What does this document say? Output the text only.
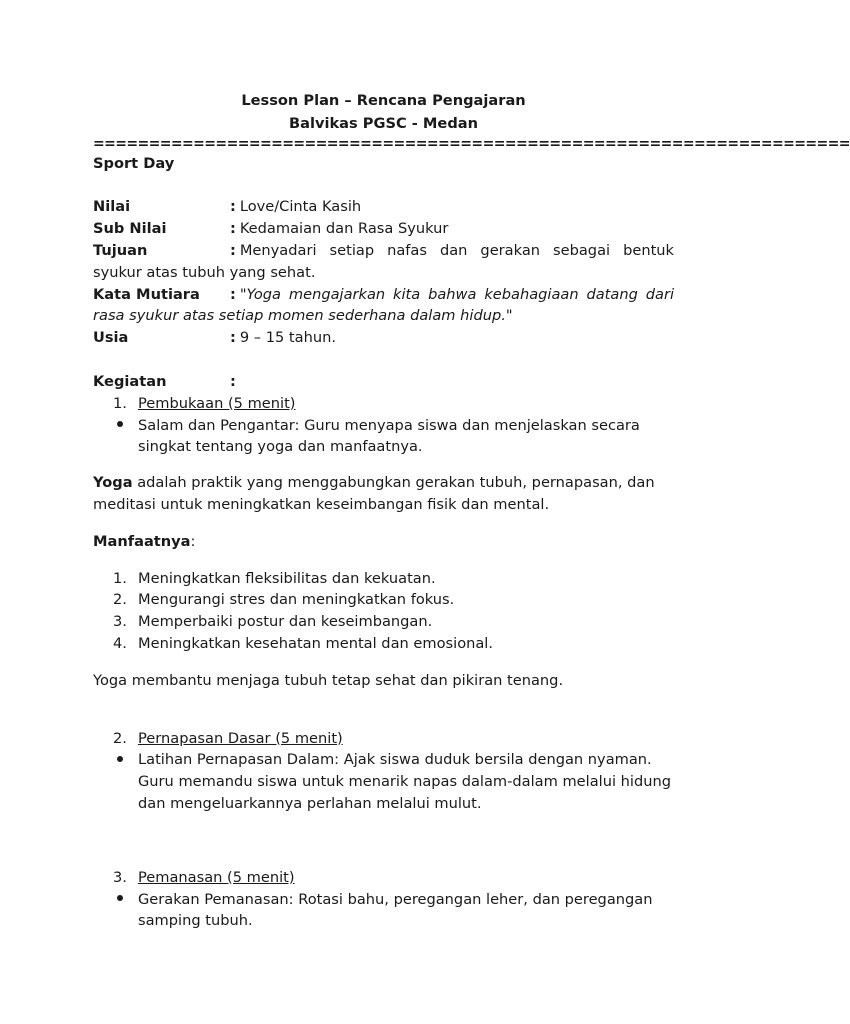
Lesson Plan – Rencana Pengajaran
Balvikas PGSC - Medan
====================================================================
Sport Day
Nilai	: Love/Cinta Kasih
Sub Nilai	: Kedamaian dan Rasa Syukur
Tujuan	: Menyadari setiap nafas dan gerakan sebagai bentuk syukur atas tubuh yang sehat.
Kata Mutiara : "Yoga mengajarkan kita bahwa kebahagiaan datang dari rasa syukur atas setiap momen sederhana dalam hidup."
Usia	: 9 – 15 tahun.
Kegiatan	:
1. Pembukaan (5 menit)
Salam dan Pengantar: Guru menyapa siswa dan menjelaskan secara singkat tentang yoga dan manfaatnya.
Yoga adalah praktik yang menggabungkan gerakan tubuh, pernapasan, dan meditasi untuk meningkatkan keseimbangan fisik dan mental.
Manfaatnya:
1. Meningkatkan fleksibilitas dan kekuatan.
2. Mengurangi stres dan meningkatkan fokus.
3. Memperbaiki postur dan keseimbangan.
4. Meningkatkan kesehatan mental dan emosional.
Yoga membantu menjaga tubuh tetap sehat dan pikiran tenang.
2. Pernapasan Dasar (5 menit)
Latihan Pernapasan Dalam: Ajak siswa duduk bersila dengan nyaman. Guru memandu siswa untuk menarik napas dalam-dalam melalui hidung dan mengeluarkannya perlahan melalui mulut.
3. Pemanasan (5 menit)
Gerakan Pemanasan: Rotasi bahu, peregangan leher, dan peregangan samping tubuh.
